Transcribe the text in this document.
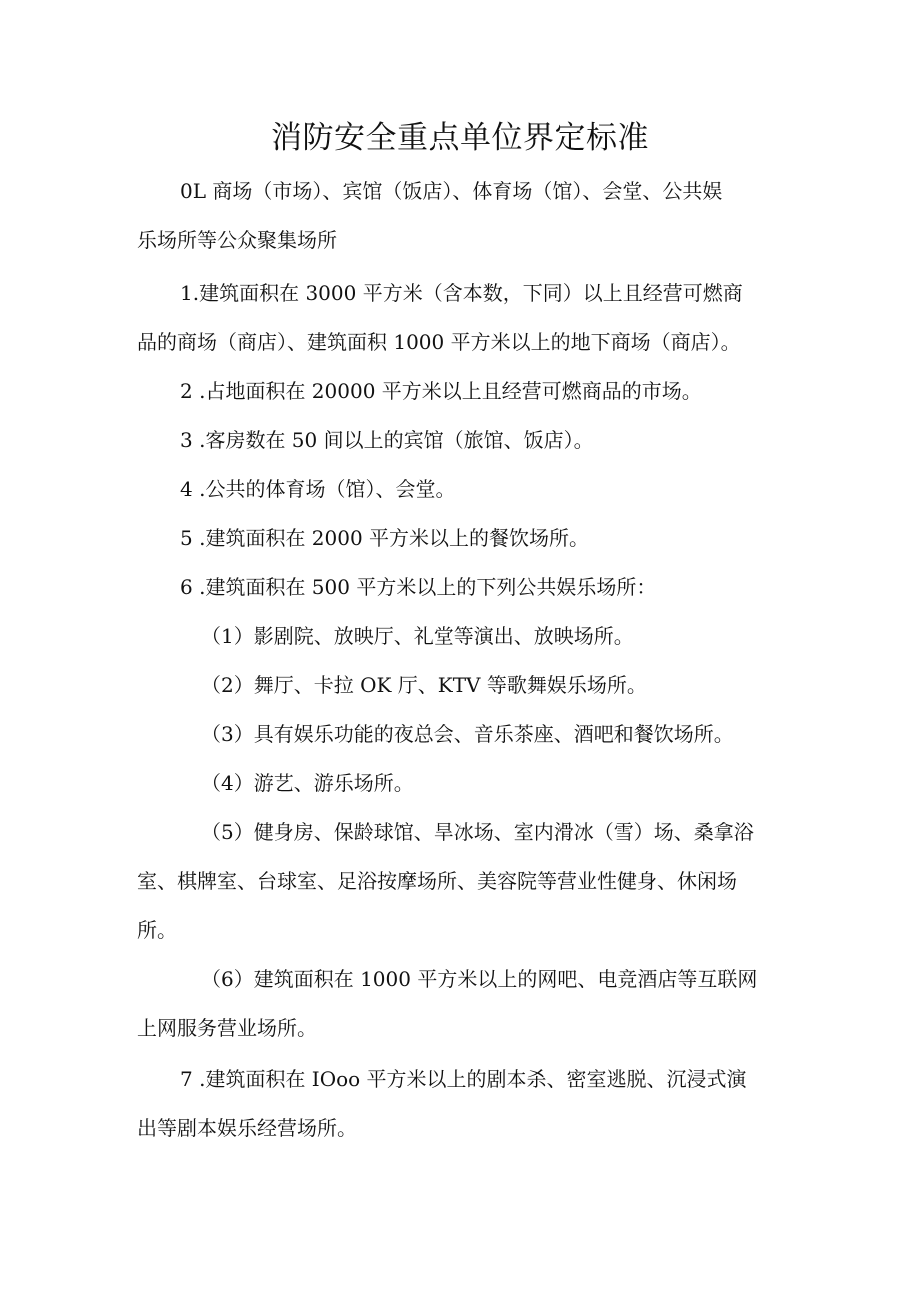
消防安全重点单位界定标准
0L 商场（市场）、宾馆（饭店）、体育场（馆）、会堂、公共娱
乐场所等公众聚集场所
1.建筑面积在 3000 平方米（含本数，下同）以上且经营可燃商
品的商场（商店）、建筑面积 1000 平方米以上的地下商场（商店）。
2 .占地面积在 20000 平方米以上且经营可燃商品的市场。
3 .客房数在 50 间以上的宾馆（旅馆、饭店）。
4 .公共的体育场（馆）、会堂。
5 .建筑面积在 2000 平方米以上的餐饮场所。
6 .建筑面积在 500 平方米以上的下列公共娱乐场所：
（1）影剧院、放映厅、礼堂等演出、放映场所。
（2）舞厅、卡拉 OK 厅、KTV 等歌舞娱乐场所。
（3）具有娱乐功能的夜总会、音乐茶座、酒吧和餐饮场所。
（4）游艺、游乐场所。
（5）健身房、保龄球馆、旱冰场、室内滑冰（雪）场、桑拿浴
室、棋牌室、台球室、足浴按摩场所、美容院等营业性健身、休闲场
所。
（6）建筑面积在 1000 平方米以上的网吧、电竞酒店等互联网
上网服务营业场所。
7 .建筑面积在 IOoo 平方米以上的剧本杀、密室逃脱、沉浸式演
出等剧本娱乐经营场所。
